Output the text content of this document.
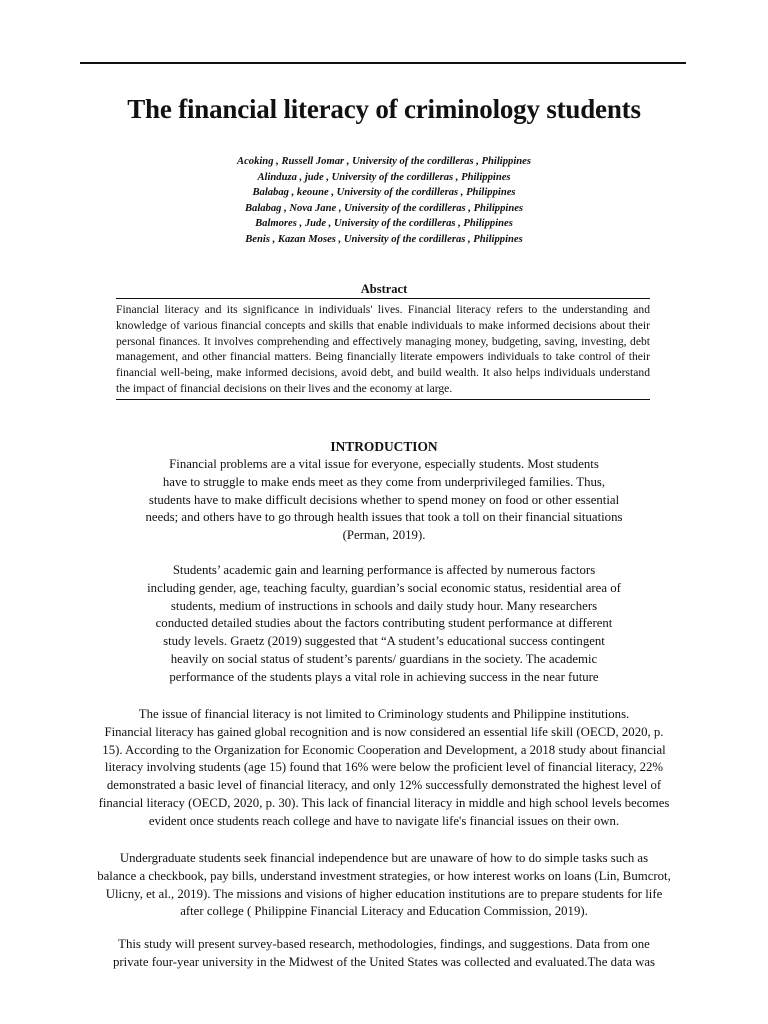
The financial literacy of criminology students
Acoking , Russell Jomar , University of the cordilleras , Philippines
Alinduza , jude , University of the cordilleras , Philippines
Balabag , keoune , University of the cordilleras , Philippines
Balabag , Nova Jane , University of the cordilleras , Philippines
Balmores , Jude , University of the cordilleras , Philippines
Benis , Kazan Moses , University of the cordilleras , Philippines
Abstract
Financial literacy and its significance in individuals' lives. Financial literacy refers to the understanding and knowledge of various financial concepts and skills that enable individuals to make informed decisions about their personal finances. It involves comprehending and effectively managing money, budgeting, saving, investing, debt management, and other financial matters. Being financially literate empowers individuals to take control of their financial well-being, make informed decisions, avoid debt, and build wealth. It also helps individuals understand the impact of financial decisions on their lives and the economy at large.
INTRODUCTION
Financial problems are a vital issue for everyone, especially students. Most students
have to struggle to make ends meet as they come from underprivileged families. Thus,
students have to make difficult decisions whether to spend money on food or other essential
needs; and others have to go through health issues that took a toll on their financial situations
(Perman, 2019).
Students’ academic gain and learning performance is affected by numerous factors
including gender, age, teaching faculty, guardian’s social economic status, residential area of
students, medium of instructions in schools and daily study hour. Many researchers
conducted detailed studies about the factors contributing student performance at different
study levels. Graetz (2019) suggested that “A student’s educational success contingent
heavily on social status of student’s parents/ guardians in the society. The academic
performance of the students plays a vital role in achieving success in the near future
The issue of financial literacy is not limited to Criminology students and Philippine institutions.
Financial literacy has gained global recognition and is now considered an essential life skill (OECD, 2020, p.
15). According to the Organization for Economic Cooperation and Development, a 2018 study about financial
literacy involving students (age 15) found that 16% were below the proficient level of financial literacy, 22%
demonstrated a basic level of financial literacy, and only 12% successfully demonstrated the highest level of
financial literacy (OECD, 2020, p. 30). This lack of financial literacy in middle and high school levels becomes
evident once students reach college and have to navigate life's financial issues on their own.
Undergraduate students seek financial independence but are unaware of how to do simple tasks such as
balance a checkbook, pay bills, understand investment strategies, or how interest works on loans (Lin, Bumcrot,
Ulicny, et al., 2019). The missions and visions of higher education institutions are to prepare students for life
after college ( Philippine Financial Literacy and Education Commission, 2019).
This study will present survey-based research, methodologies, findings, and suggestions. Data from one
private four-year university in the Midwest of the United States was collected and evaluated.The data was
